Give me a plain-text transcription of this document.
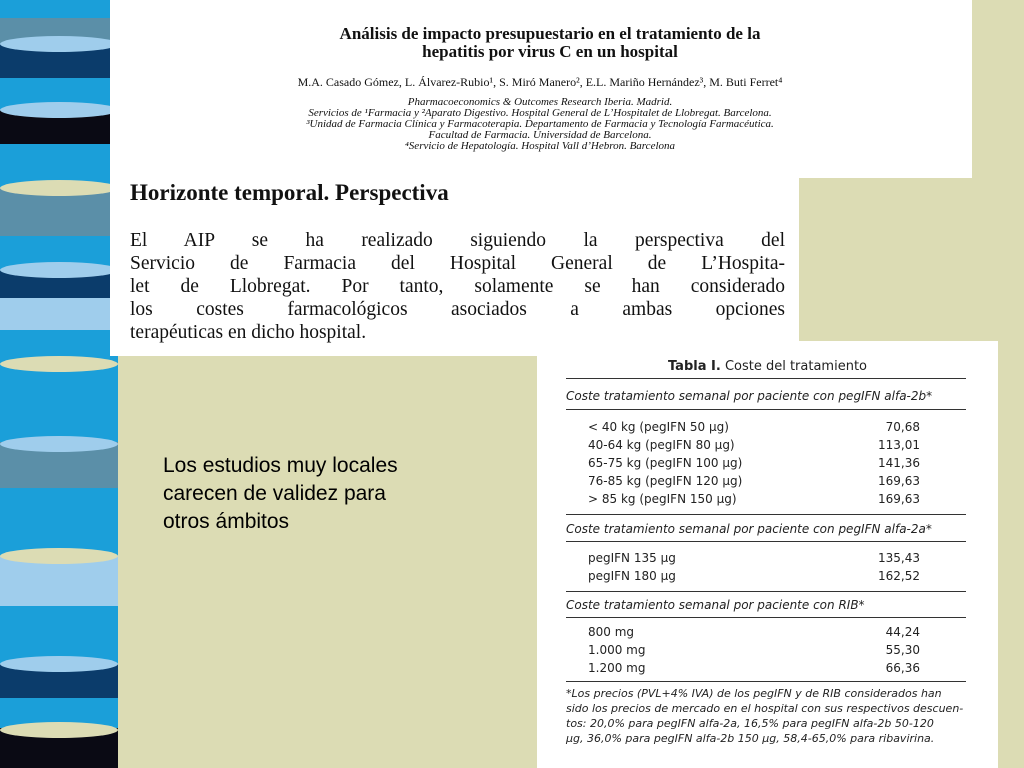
Análisis de impacto presupuestario en el tratamiento de la
hepatitis por virus C en un hospital
M.A. Casado Gómez, L. Álvarez-Rubio¹, S. Miró Manero², E.L. Mariño Hernández³, M. Buti Ferret⁴
Pharmacoeconomics & Outcomes Research Iberia. Madrid.
Servicios de ¹Farmacia y ²Aparato Digestivo. Hospital General de L’Hospitalet de Llobregat. Barcelona.
³Unidad de Farmacia Clínica y Farmacoterapia. Departamento de Farmacia y Tecnología Farmacéutica.
Facultad de Farmacia. Universidad de Barcelona.
⁴Servicio de Hepatología. Hospital Vall d’Hebron. Barcelona
Horizonte temporal. Perspectiva
El AIP se ha realizado siguiendo la perspectiva del
Servicio de Farmacia del Hospital General de L’Hospita-
let de Llobregat. Por tanto, solamente se han considerado
los costes farmacológicos asociados a ambas opciones
terapéuticas en dicho hospital.
Los estudios muy locales
carecen de validez para
otros ámbitos
Tabla I. Coste del tratamiento
Coste tratamiento semanal por paciente con pegIFN alfa-2b*
< 40 kg (pegIFN 50 μg)	70,68
40-64 kg (pegIFN 80 μg)	113,01
65-75 kg (pegIFN 100 μg)	141,36
76-85 kg (pegIFN 120 μg)	169,63
> 85 kg (pegIFN 150 μg)	169,63
Coste tratamiento semanal por paciente con pegIFN alfa-2a*
pegIFN 135 μg	135,43
pegIFN 180 μg	162,52
Coste tratamiento semanal por paciente con RIB*
800 mg	44,24
1.000 mg	55,30
1.200 mg	66,36
*Los precios (PVL+4% IVA) de los pegIFN y de RIB considerados han
sido los precios de mercado en el hospital con sus respectivos descuen-
tos: 20,0% para pegIFN alfa-2a, 16,5% para pegIFN alfa-2b 50-120
μg, 36,0% para pegIFN alfa-2b 150 μg, 58,4-65,0% para ribavirina.
